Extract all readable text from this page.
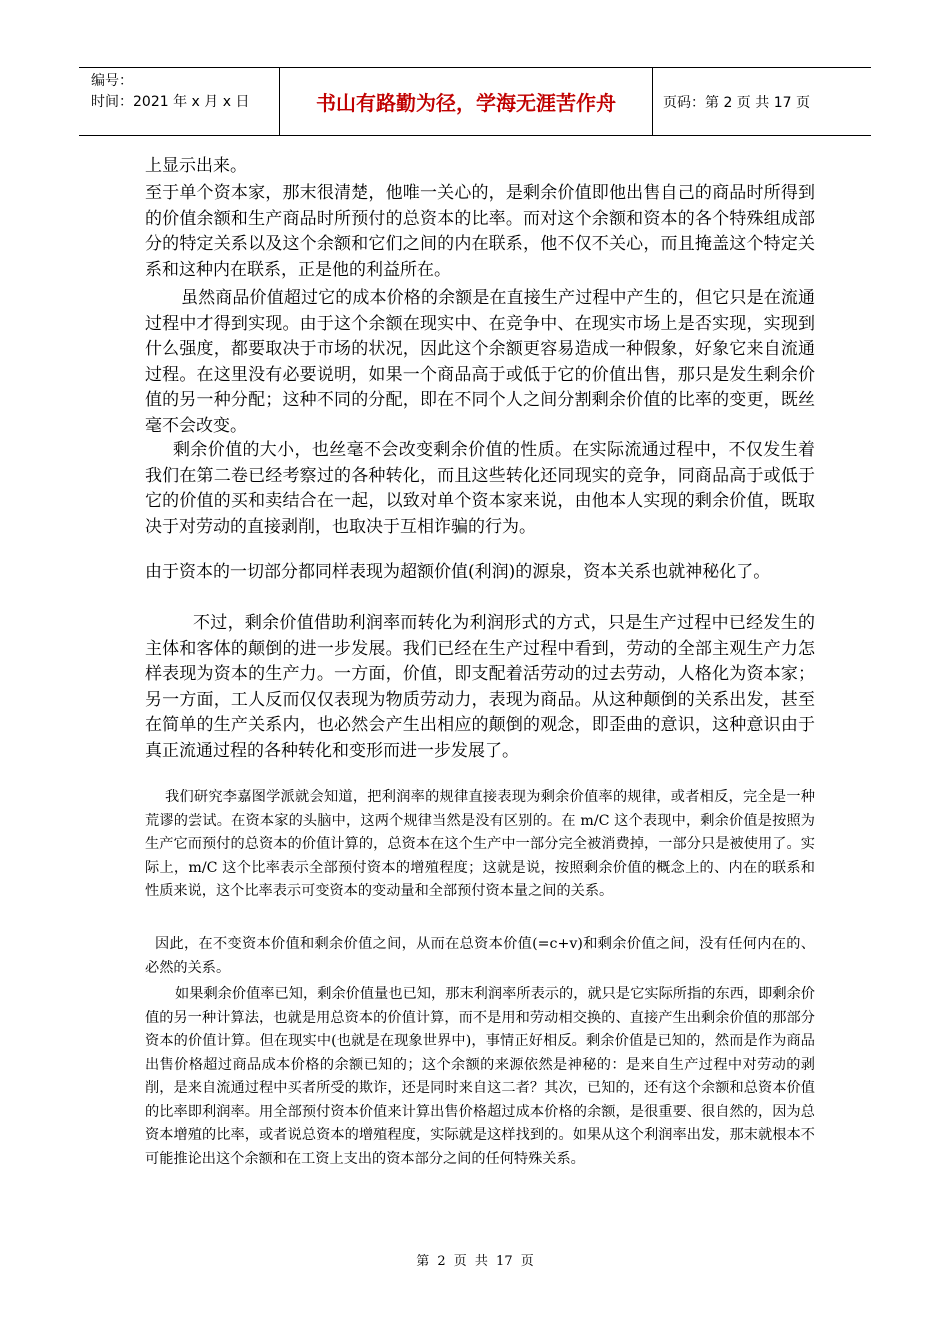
编号：
时间：2021 年 x 月 x 日	书山有路勤为径，学海无涯苦作舟	页码：第 2 页 共 17 页
上显示出来。
至于单个资本家，那末很清楚，他唯一关心的，是剩余价值即他出售自己的商品时所得到的价值余额和生产商品时所预付的总资本的比率。而对这个余额和资本的各个特殊组成部分的特定关系以及这个余额和它们之间的内在联系，他不仅不关心，而且掩盖这个特定关系和这种内在联系，正是他的利益所在。
虽然商品价值超过它的成本价格的余额是在直接生产过程中产生的，但它只是在流通过程中才得到实现。由于这个余额在现实中、在竞争中、在现实市场上是否实现，实现到什么强度，都要取决于市场的状况，因此这个余额更容易造成一种假象，好象它来自流通过程。在这里没有必要说明，如果一个商品高于或低于它的价值出售，那只是发生剩余价值的另一种分配；这种不同的分配，即在不同个人之间分割剩余价值的比率的变更，既丝毫不会改变。
剩余价值的大小，也丝毫不会改变剩余价值的性质。在实际流通过程中，不仅发生着我们在第二卷已经考察过的各种转化，而且这些转化还同现实的竞争，同商品高于或低于它的价值的买和卖结合在一起，以致对单个资本家来说，由他本人实现的剩余价值，既取决于对劳动的直接剥削，也取决于互相诈骗的行为。
由于资本的一切部分都同样表现为超额价值(利润)的源泉，资本关系也就神秘化了。
不过，剩余价值借助利润率而转化为利润形式的方式，只是生产过程中已经发生的主体和客体的颠倒的进一步发展。我们已经在生产过程中看到，劳动的全部主观生产力怎样表现为资本的生产力。一方面，价值，即支配着活劳动的过去劳动，人格化为资本家；另一方面，工人反而仅仅表现为物质劳动力，表现为商品。从这种颠倒的关系出发，甚至在简单的生产关系内，也必然会产生出相应的颠倒的观念，即歪曲的意识，这种意识由于真正流通过程的各种转化和变形而进一步发展了。
我们研究李嘉图学派就会知道，把利润率的规律直接表现为剩余价值率的规律，或者相反，完全是一种荒谬的尝试。在资本家的头脑中，这两个规律当然是没有区别的。在 m/C 这个表现中，剩余价值是按照为生产它而预付的总资本的价值计算的，总资本在这个生产中一部分完全被消费掉，一部分只是被使用了。实际上，m/C 这个比率表示全部预付资本的增殖程度；这就是说，按照剩余价值的概念上的、内在的联系和性质来说，这个比率表示可变资本的变动量和全部预付资本量之间的关系。
因此，在不变资本价值和剩余价值之间，从而在总资本价值(=c+v)和剩余价值之间，没有任何内在的、必然的关系。
如果剩余价值率已知，剩余价值量也已知，那末利润率所表示的，就只是它实际所指的东西，即剩余价值的另一种计算法，也就是用总资本的价值计算，而不是用和劳动相交换的、直接产生出剩余价值的那部分资本的价值计算。但在现实中(也就是在现象世界中)，事情正好相反。剩余价值是已知的，然而是作为商品出售价格超过商品成本价格的余额已知的；这个余额的来源依然是神秘的：是来自生产过程中对劳动的剥削，是来自流通过程中买者所受的欺诈，还是同时来自这二者？其次，已知的，还有这个余额和总资本价值的比率即利润率。用全部预付资本价值来计算出售价格超过成本价格的余额，是很重要、很自然的，因为总资本增殖的比率，或者说总资本的增殖程度，实际就是这样找到的。如果从这个利润率出发，那末就根本不可能推论出这个余额和在工资上支出的资本部分之间的任何特殊关系。
第 2 页 共 17 页
